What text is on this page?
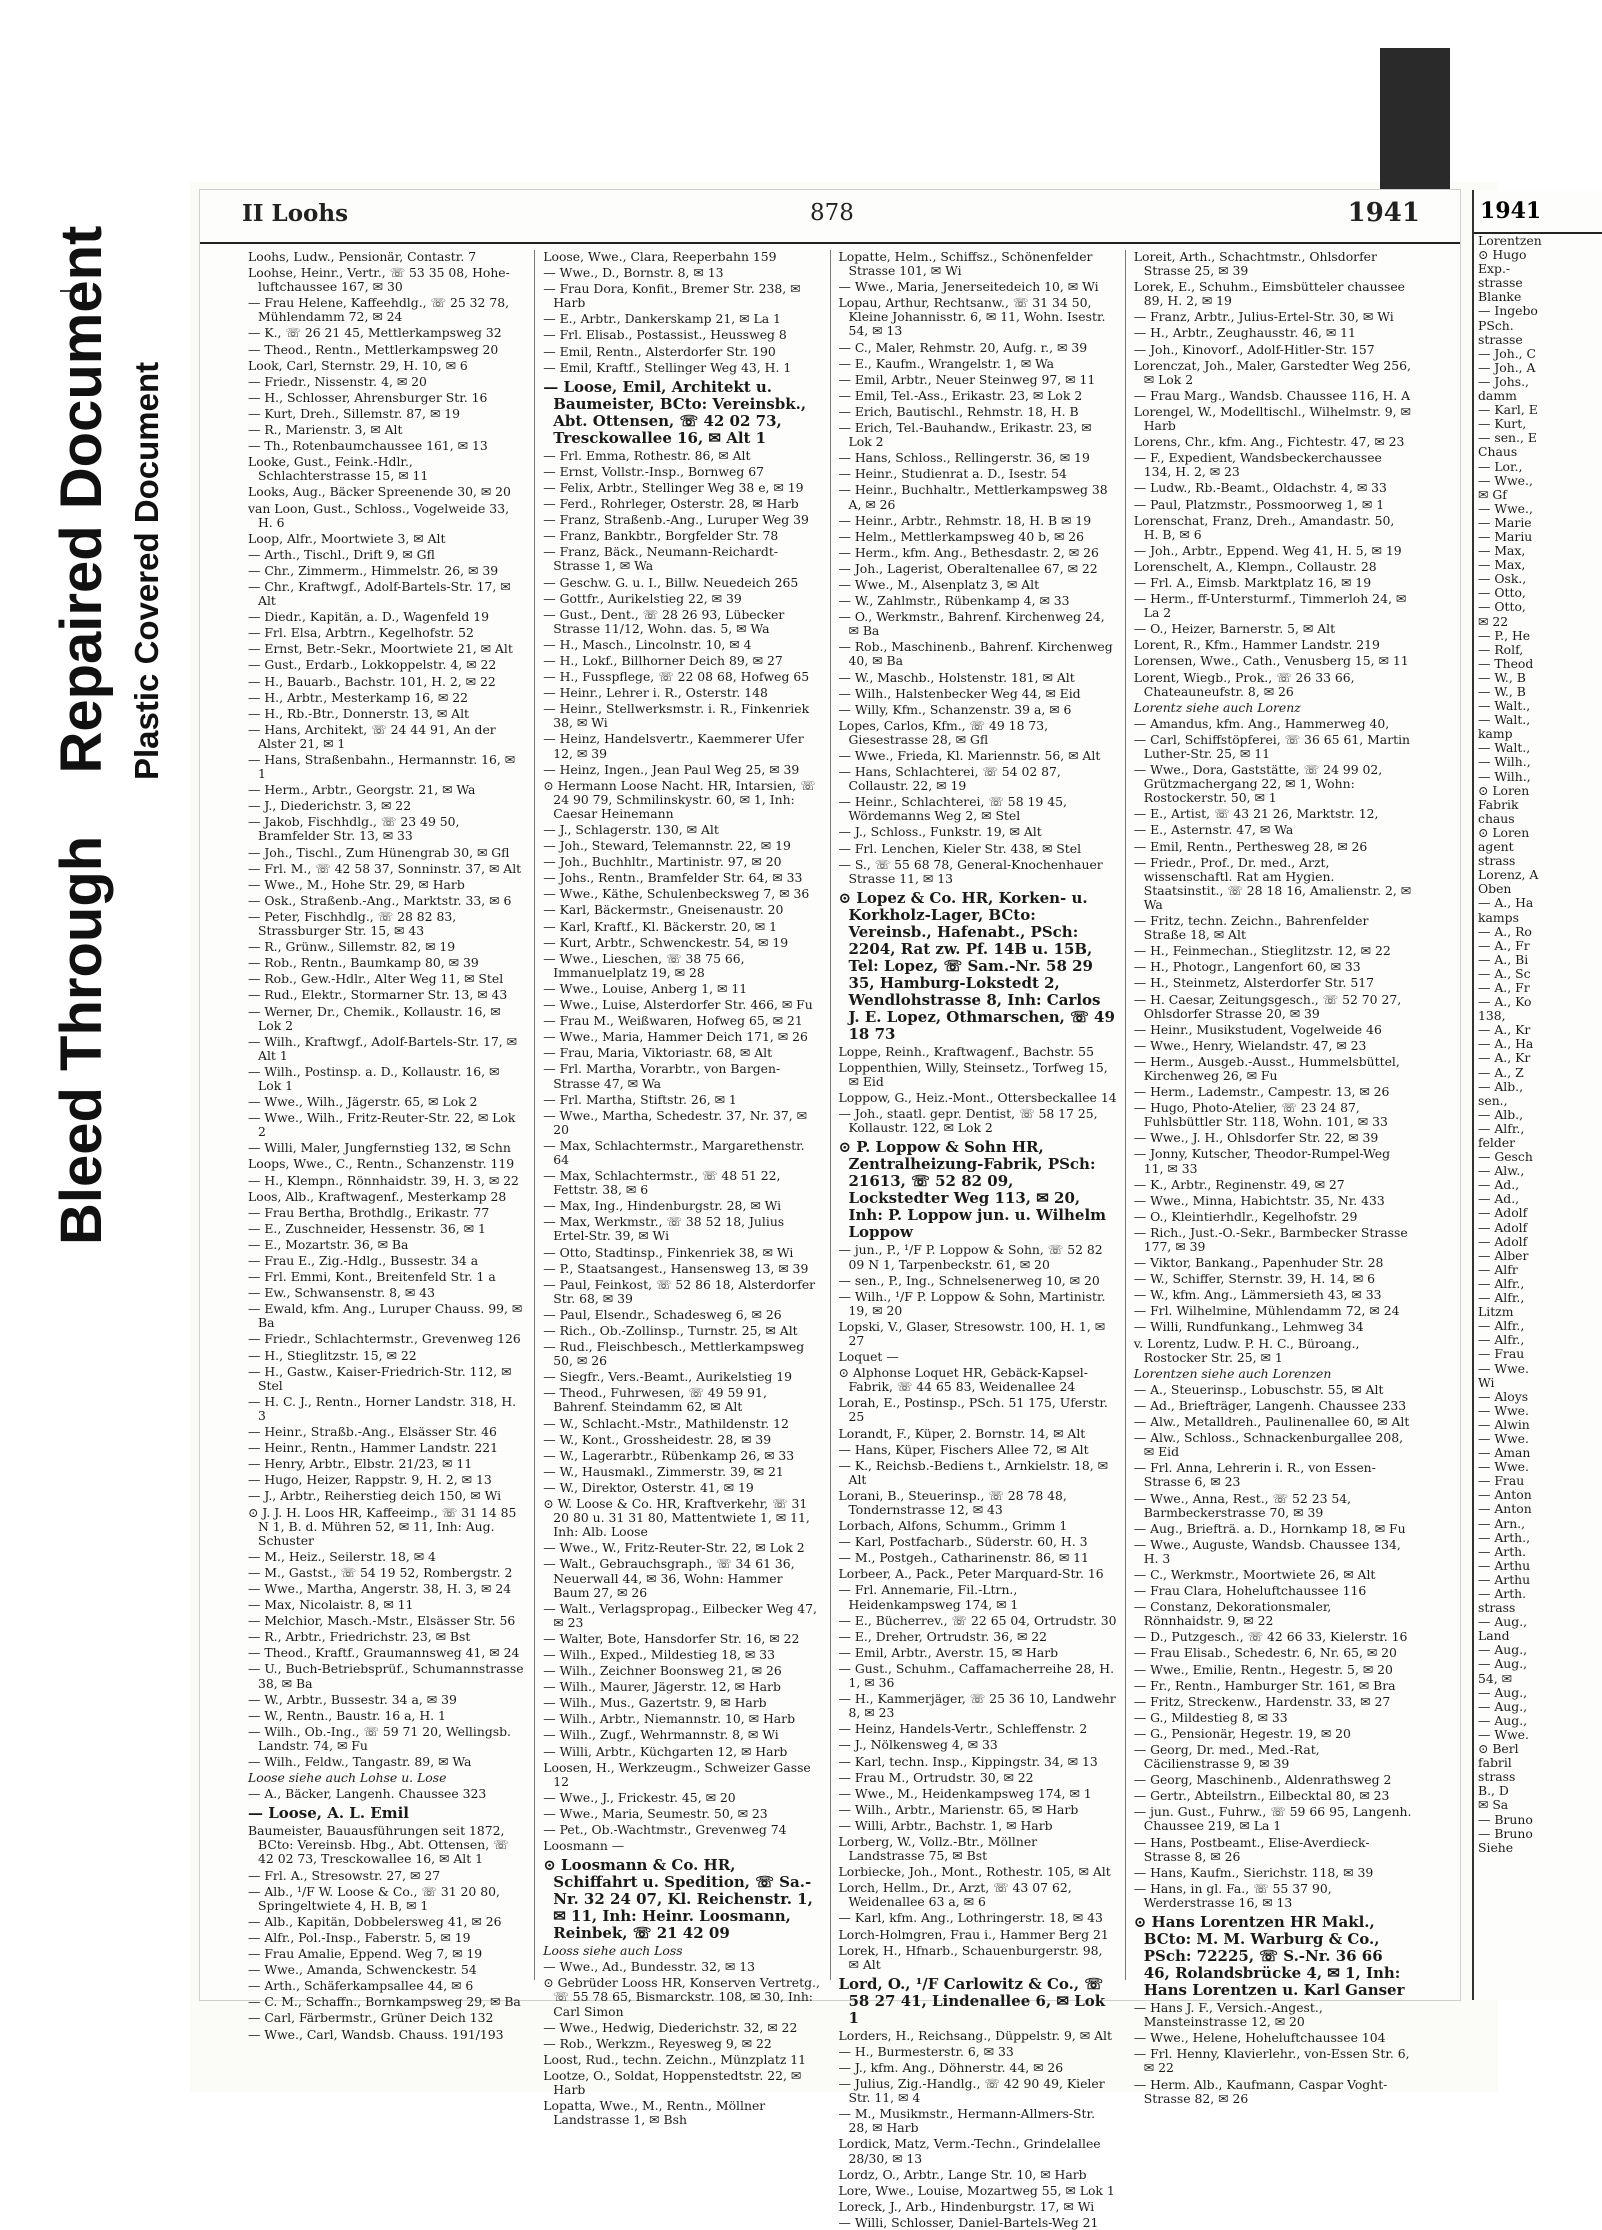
Bleed Through  Repaired Document Plastic Covered Document
II Loohs	878	1941

Loohs, Ludw., Pensionär, Contastr. 7

Loohse, Heinr., Vertr., ☏ 53 35 08, Hohe-luftchaussee 167, ✉ 30

— Frau Helene, Kaffeehdlg., ☏ 25 32 78, Mühlendamm 72, ✉ 24

— K., ☏ 26 21 45, Mettlerkampsweg 32

— Theod., Rentn., Mettlerkampsweg 20

Look, Carl, Sternstr. 29, H. 10, ✉ 6

— Friedr., Nissenstr. 4, ✉ 20

— H., Schlosser, Ahrensburger Str. 16

— Kurt, Dreh., Sillemstr. 87, ✉ 19

— R., Marienstr. 3, ✉ Alt

— Th., Rotenbaumchaussee 161, ✉ 13

Looke, Gust., Feink.-Hdlr., Schlachterstrasse 15, ✉ 11

Looks, Aug., Bäcker Spreenende 30, ✉ 20

van Loon, Gust., Schloss., Vogelweide 33, H. 6

Loop, Alfr., Moortwiete 3, ✉ Alt

— Arth., Tischl., Drift 9, ✉ Gfl

— Chr., Zimmerm., Himmelstr. 26, ✉ 39

— Chr., Kraftwgf., Adolf-Bartels-Str. 17, ✉ Alt

— Diedr., Kapitän, a. D., Wagenfeld 19

— Frl. Elsa, Arbtrn., Kegelhofstr. 52

— Ernst, Betr.-Sekr., Moortwiete 21, ✉ Alt

— Gust., Erdarb., Lokkoppelstr. 4, ✉ 22

— H., Bauarb., Bachstr. 101, H. 2, ✉ 22

— H., Arbtr., Mesterkamp 16, ✉ 22

— H., Rb.-Btr., Donnerstr. 13, ✉ Alt

— Hans, Architekt, ☏ 24 44 91, An der Alster 21, ✉ 1

— Hans, Straßenbahn., Hermannstr. 16, ✉ 1

— Herm., Arbtr., Georgstr. 21, ✉ Wa

— J., Diederichstr. 3, ✉ 22

— Jakob, Fischhdlg., ☏ 23 49 50, Bramfelder Str. 13, ✉ 33

— Joh., Tischl., Zum Hünengrab 30, ✉ Gfl

— Frl. M., ☏ 42 58 37, Sonninstr. 37, ✉ Alt

— Wwe., M., Hohe Str. 29, ✉ Harb

— Osk., Straßenb.-Ang., Marktstr. 33, ✉ 6

— Peter, Fischhdlg., ☏ 28 82 83, Strassburger Str. 15, ✉ 43

— R., Grünw., Sillemstr. 82, ✉ 19

— Rob., Rentn., Baumkamp 80, ✉ 39

— Rob., Gew.-Hdlr., Alter Weg 11, ✉ Stel

— Rud., Elektr., Stormarner Str. 13, ✉ 43

— Werner, Dr., Chemik., Kollaustr. 16, ✉ Lok 2

— Wilh., Kraftwgf., Adolf-Bartels-Str. 17, ✉ Alt 1

— Wilh., Postinsp. a. D., Kollaustr. 16, ✉ Lok 1

— Wwe., Wilh., Jägerstr. 65, ✉ Lok 2

— Wwe., Wilh., Fritz-Reuter-Str. 22, ✉ Lok 2

— Willi, Maler, Jungfernstieg 132, ✉ Schn

Loops, Wwe., C., Rentn., Schanzenstr. 119

— H., Klempn., Rönnhaidstr. 39, H. 3, ✉ 22

Loos, Alb., Kraftwagenf., Mesterkamp 28

— Frau Bertha, Brothdlg., Erikastr. 77

— E., Zuschneider, Hessenstr. 36, ✉ 1

— E., Mozartstr. 36, ✉ Ba

— Frau E., Zig.-Hdlg., Bussestr. 34 a

— Frl. Emmi, Kont., Breitenfeld Str. 1 a

— Ew., Schwansenstr. 8, ✉ 43

— Ewald, kfm. Ang., Luruper Chauss. 99, ✉ Ba

— Friedr., Schlachtermstr., Grevenweg 126

— H., Stieglitzstr. 15, ✉ 22

— H., Gastw., Kaiser-Friedrich-Str. 112, ✉ Stel

— H. C. J., Rentn., Horner Landstr. 318, H. 3

— Heinr., Straßb.-Ang., Elsässer Str. 46

— Heinr., Rentn., Hammer Landstr. 221

— Henry, Arbtr., Elbstr. 21/23, ✉ 11

— Hugo, Heizer, Rappstr. 9, H. 2, ✉ 13

— J., Arbtr., Reiherstieg deich 150, ✉ Wi

⊙ J. J. H. Loos HR, Kaffeeimp., ☏ 31 14 85 N 1, B. d. Mühren 52, ✉ 11, Inh: Aug. Schuster

— M., Heiz., Seilerstr. 18, ✉ 4

— M., Gastst., ☏ 54 19 52, Rombergstr. 2

— Wwe., Martha, Angerstr. 38, H. 3, ✉ 24

— Max, Nicolaistr. 8, ✉ 11

— Melchior, Masch.-Mstr., Elsässer Str. 56

— R., Arbtr., Friedrichstr. 23, ✉ Bst

— Theod., Kraftf., Graumannsweg 41, ✉ 24

— U., Buch-Betriebsprüf., Schumannstrasse 38, ✉ Ba

— W., Arbtr., Bussestr. 34 a, ✉ 39

— W., Rentn., Baustr. 16 a, H. 1

— Wilh., Ob.-Ing., ☏ 59 71 20, Wellingsb. Landstr. 74, ✉ Fu

— Wilh., Feldw., Tangastr. 89, ✉ Wa

Loose siehe auch Lohse u. Lose

— A., Bäcker, Langenh. Chaussee 323

— Loose, A. L. Emil

Baumeister, Bauausführungen seit 1872, BCto: Vereinsb. Hbg., Abt. Ottensen, ☏ 42 02 73, Tresckowallee 16, ✉ Alt 1

— Frl. A., Stresowstr. 27, ✉ 27

— Alb., ¹/F W. Loose & Co., ☏ 31 20 80, Springeltwiete 4, H. B, ✉ 1

— Alb., Kapitän, Dobbelersweg 41, ✉ 26

— Alfr., Pol.-Insp., Faberstr. 5, ✉ 19

— Frau Amalie, Eppend. Weg 7, ✉ 19

— Wwe., Amanda, Schwenckestr. 54

— Arth., Schäferkampsallee 44, ✉ 6

— C. M., Schaffn., Bornkampsweg 29, ✉ Ba

— Carl, Färbermstr., Grüner Deich 132

— Wwe., Carl, Wandsb. Chauss. 191/193

Loose, Wwe., Clara, Reeperbahn 159

— Wwe., D., Bornstr. 8, ✉ 13

— Frau Dora, Konfit., Bremer Str. 238, ✉ Harb

— E., Arbtr., Dankerskamp 21, ✉ La 1

— Frl. Elisab., Postassist., Heussweg 8

— Emil, Rentn., Alsterdorfer Str. 190

— Emil, Kraftf., Stellinger Weg 43, H. 1

— Loose, Emil, Architekt u. Baumeister, BCto: Vereinsbk., Abt. Ottensen, ☏ 42 02 73, Tresckowallee 16, ✉ Alt 1

— Frl. Emma, Rothestr. 86, ✉ Alt

— Ernst, Vollstr.-Insp., Bornweg 67

— Felix, Arbtr., Stellinger Weg 38 e, ✉ 19

— Ferd., Rohrleger, Osterstr. 28, ✉ Harb

— Franz, Straßenb.-Ang., Luruper Weg 39

— Franz, Bankbtr., Borgfelder Str. 78

— Franz, Bäck., Neumann-Reichardt-Strasse 1, ✉ Wa

— Geschw. G. u. I., Billw. Neuedeich 265

— Gottfr., Aurikelstieg 22, ✉ 39

— Gust., Dent., ☏ 28 26 93, Lübecker Strasse 11/12, Wohn. das. 5, ✉ Wa

— H., Masch., Lincolnstr. 10, ✉ 4

— H., Lokf., Billhorner Deich 89, ✉ 27

— H., Fusspflege, ☏ 22 08 68, Hofweg 65

— Heinr., Lehrer i. R., Osterstr. 148

— Heinr., Stellwerksmstr. i. R., Finkenriek 38, ✉ Wi

— Heinz, Handelsvertr., Kaemmerer Ufer 12, ✉ 39

— Heinz, Ingen., Jean Paul Weg 25, ✉ 39

⊙ Hermann Loose Nacht. HR, Intarsien, ☏ 24 90 79, Schmilinskystr. 60, ✉ 1, Inh: Caesar Heinemann

— J., Schlagerstr. 130, ✉ Alt

— Joh., Steward, Telemannstr. 22, ✉ 19

— Joh., Buchhltr., Martinistr. 97, ✉ 20

— Johs., Rentn., Bramfelder Str. 64, ✉ 33

— Wwe., Käthe, Schulenbecksweg 7, ✉ 36

— Karl, Bäckermstr., Gneisenaustr. 20

— Karl, Kraftf., Kl. Bäckerstr. 20, ✉ 1

— Kurt, Arbtr., Schwenckestr. 54, ✉ 19

— Wwe., Lieschen, ☏ 38 75 66, Immanuelplatz 19, ✉ 28

— Wwe., Louise, Anberg 1, ✉ 11

— Wwe., Luise, Alsterdorfer Str. 466, ✉ Fu

— Frau M., Weißwaren, Hofweg 65, ✉ 21

— Wwe., Maria, Hammer Deich 171, ✉ 26

— Frau, Maria, Viktoriastr. 68, ✉ Alt

— Frl. Martha, Vorarbtr., von Bargen-Strasse 47, ✉ Wa

— Frl. Martha, Stiftstr. 26, ✉ 1

— Wwe., Martha, Schedestr. 37, Nr. 37, ✉ 20

— Max, Schlachtermstr., Margarethenstr. 64

— Max, Schlachtermstr., ☏ 48 51 22, Fettstr. 38, ✉ 6

— Max, Ing., Hindenburgstr. 28, ✉ Wi

— Max, Werkmstr., ☏ 38 52 18, Julius Ertel-Str. 39, ✉ Wi

— Otto, Stadtinsp., Finkenriek 38, ✉ Wi

— P., Staatsangest., Hansensweg 13, ✉ 39

— Paul, Feinkost, ☏ 52 86 18, Alsterdorfer Str. 68, ✉ 39

— Paul, Elsendr., Schadesweg 6, ✉ 26

— Rich., Ob.-Zollinsp., Turnstr. 25, ✉ Alt

— Rud., Fleischbesch., Mettlerkampsweg 50, ✉ 26

— Siegfr., Vers.-Beamt., Aurikelstieg 19

— Theod., Fuhrwesen, ☏ 49 59 91, Bahrenf. Steindamm 62, ✉ Alt

— W., Schlacht.-Mstr., Mathildenstr. 12

— W., Kont., Grossheidestr. 28, ✉ 39

— W., Lagerarbtr., Rübenkamp 26, ✉ 33

— W., Hausmakl., Zimmerstr. 39, ✉ 21

— W., Direktor, Osterstr. 41, ✉ 19

⊙ W. Loose & Co. HR, Kraftverkehr, ☏ 31 20 80 u. 31 31 80, Mattentwiete 1, ✉ 11, Inh: Alb. Loose

— Wwe., W., Fritz-Reuter-Str. 22, ✉ Lok 2

— Walt., Gebrauchsgraph., ☏ 34 61 36, Neuerwall 44, ✉ 36, Wohn: Hammer Baum 27, ✉ 26

— Walt., Verlagspropag., Eilbecker Weg 47, ✉ 23

— Walter, Bote, Hansdorfer Str. 16, ✉ 22

— Wilh., Exped., Mildestieg 18, ✉ 33

— Wilh., Zeichner Boonsweg 21, ✉ 26

— Wilh., Maurer, Jägerstr. 12, ✉ Harb

— Wilh., Mus., Gazertstr. 9, ✉ Harb

— Wilh., Arbtr., Niemannstr. 10, ✉ Harb

— Wilh., Zugf., Wehrmannstr. 8, ✉ Wi

— Willi, Arbtr., Küchgarten 12, ✉ Harb

Loosen, H., Werkzeugm., Schweizer Gasse 12

— Wwe., J., Frickestr. 45, ✉ 20

— Wwe., Maria, Seumestr. 50, ✉ 23

— Pet., Ob.-Wachtmstr., Grevenweg 74

Loosmann —

⊙ Loosmann & Co. HR, Schiffahrt u. Spedition, ☏ Sa.-Nr. 32 24 07, Kl. Reichenstr. 1, ✉ 11, Inh: Heinr. Loosmann, Reinbek, ☏ 21 42 09

Looss siehe auch Loss

— Wwe., Ad., Bundesstr. 32, ✉ 13

⊙ Gebrüder Looss HR, Konserven Vertretg., ☏ 55 78 65, Bismarckstr. 108, ✉ 30, Inh: Carl Simon

— Wwe., Hedwig, Diederichstr. 32, ✉ 22

— Rob., Werkzm., Reyesweg 9, ✉ 22

Loost, Rud., techn. Zeichn., Münzplatz 11

Lootze, O., Soldat, Hoppenstedtstr. 22, ✉ Harb

Lopatta, Wwe., M., Rentn., Möllner Landstrasse 1, ✉ Bsh

Lopatte, Helm., Schiffsz., Schönenfelder Strasse 101, ✉ Wi

— Wwe., Maria, Jenerseitedeich 10, ✉ Wi

Lopau, Arthur, Rechtsanw., ☏ 31 34 50, Kleine Johannisstr. 6, ✉ 11, Wohn. Isestr. 54, ✉ 13

— C., Maler, Rehmstr. 20, Aufg. r., ✉ 39

— E., Kaufm., Wrangelstr. 1, ✉ Wa

— Emil, Arbtr., Neuer Steinweg 97, ✉ 11

— Emil, Tel.-Ass., Erikastr. 23, ✉ Lok 2

— Erich, Bautischl., Rehmstr. 18, H. B

— Erich, Tel.-Bauhandw., Erikastr. 23, ✉ Lok 2

— Hans, Schloss., Rellingerstr. 36, ✉ 19

— Heinr., Studienrat a. D., Isestr. 54

— Heinr., Buchhaltr., Mettlerkampsweg 38 A, ✉ 26

— Heinr., Arbtr., Rehmstr. 18, H. B ✉ 19

— Helm., Mettlerkampsweg 40 b, ✉ 26

— Herm., kfm. Ang., Bethesdastr. 2, ✉ 26

— Joh., Lagerist, Oberaltenallee 67, ✉ 22

— Wwe., M., Alsenplatz 3, ✉ Alt

— W., Zahlmstr., Rübenkamp 4, ✉ 33

— O., Werkmstr., Bahrenf. Kirchenweg 24, ✉ Ba

— Rob., Maschinenb., Bahrenf. Kirchenweg 40, ✉ Ba

— W., Maschb., Holstenstr. 181, ✉ Alt

— Wilh., Halstenbecker Weg 44, ✉ Eid

— Willy, Kfm., Schanzenstr. 39 a, ✉ 6

Lopes, Carlos, Kfm., ☏ 49 18 73, Giesestrasse 28, ✉ Gfl

— Wwe., Frieda, Kl. Mariennstr. 56, ✉ Alt

— Hans, Schlachterei, ☏ 54 02 87, Collaustr. 22, ✉ 19

— Heinr., Schlachterei, ☏ 58 19 45, Wördemanns Weg 2, ✉ Stel

— J., Schloss., Funkstr. 19, ✉ Alt

— Frl. Lenchen, Kieler Str. 438, ✉ Stel

— S., ☏ 55 68 78, General-Knochenhauer Strasse 11, ✉ 13

⊙ Lopez & Co. HR, Korken- u. Korkholz-Lager, BCto: Vereinsb., Hafenabt., PSch: 2204, Rat zw. Pf. 14B u. 15B, Tel: Lopez, ☏ Sam.-Nr. 58 29 35, Hamburg-Lokstedt 2, Wendlohstrasse 8, Inh: Carlos J. E. Lopez, Othmarschen, ☏ 49 18 73

Loppe, Reinh., Kraftwagenf., Bachstr. 55

Loppenthien, Willy, Steinsetz., Torfweg 15, ✉ Eid

Loppow, G., Heiz.-Mont., Ottersbeckallee 14

— Joh., staatl. gepr. Dentist, ☏ 58 17 25, Kollaustr. 122, ✉ Lok 2

⊙ P. Loppow & Sohn HR, Zentralheizung-Fabrik, PSch: 21613, ☏ 52 82 09, Lockstedter Weg 113, ✉ 20, Inh: P. Loppow jun. u. Wilhelm Loppow

— jun., P., ¹/F P. Loppow & Sohn, ☏ 52 82 09 N 1, Tarpenbeckstr. 61, ✉ 20

— sen., P., Ing., Schnelsenerweg 10, ✉ 20

— Wilh., ¹/F P. Loppow & Sohn, Martinistr. 19, ✉ 20

Lopski, V., Glaser, Stresowstr. 100, H. 1, ✉ 27

Loquet —

⊙ Alphonse Loquet HR, Gebäck-Kapsel-Fabrik, ☏ 44 65 83, Weidenallee 24

Lorah, E., Postinsp., PSch. 51 175, Uferstr. 25

Lorandt, F., Küper, 2. Bornstr. 14, ✉ Alt

— Hans, Küper, Fischers Allee 72, ✉ Alt

— K., Reichsb.-Bediens t., Arnkielstr. 18, ✉ Alt

Lorani, B., Steuerinsp., ☏ 28 78 48, Tondernstrasse 12, ✉ 43

Lorbach, Alfons, Schumm., Grimm 1

— Karl, Postfacharb., Süderstr. 60, H. 3

— M., Postgeh., Catharinenstr. 86, ✉ 11

Lorbeer, A., Pack., Peter Marquard-Str. 16

— Frl. Annemarie, Fil.-Ltrn., Heidenkampsweg 174, ✉ 1

— E., Bücherrev., ☏ 22 65 04, Ortrudstr. 30

— E., Dreher, Ortrudstr. 36, ✉ 22

— Emil, Arbtr., Averstr. 15, ✉ Harb

— Gust., Schuhm., Caffamacherreihe 28, H. 1, ✉ 36

— H., Kammerjäger, ☏ 25 36 10, Landwehr 8, ✉ 23

— Heinz, Handels-Vertr., Schleffenstr. 2

— J., Nölkensweg 4, ✉ 33

— Karl, techn. Insp., Kippingstr. 34, ✉ 13

— Frau M., Ortrudstr. 30, ✉ 22

— Wwe., M., Heidenkampsweg 174, ✉ 1

— Wilh., Arbtr., Marienstr. 65, ✉ Harb

— Willi, Arbtr., Bachstr. 1, ✉ Harb

Lorberg, W., Vollz.-Btr., Möllner Landstrasse 75, ✉ Bst

Lorbiecke, Joh., Mont., Rothestr. 105, ✉ Alt

Lorch, Hellm., Dr., Arzt, ☏ 43 07 62, Weidenallee 63 a, ✉ 6

— Karl, kfm. Ang., Lothringerstr. 18, ✉ 43

Lorch-Holmgren, Frau i., Hammer Berg 21

Lorek, H., Hfnarb., Schauenburgerstr. 98, ✉ Alt

Lord, O., ¹/F Carlowitz & Co., ☏ 58 27 41, Lindenallee 6, ✉ Lok 1

Lorders, H., Reichsang., Düppelstr. 9, ✉ Alt

— H., Burmesterstr. 6, ✉ 33

— J., kfm. Ang., Döhnerstr. 44, ✉ 26

— Julius, Zig.-Handlg., ☏ 42 90 49, Kieler Str. 11, ✉ 4

— M., Musikmstr., Hermann-Allmers-Str. 28, ✉ Harb

Lordick, Matz, Verm.-Techn., Grindelallee 28/30, ✉ 13

Lordz, O., Arbtr., Lange Str. 10, ✉ Harb

Lore, Wwe., Louise, Mozartweg 55, ✉ Lok 1

Loreck, J., Arb., Hindenburgstr. 17, ✉ Wi

— Willi, Schlosser, Daniel-Bartels-Weg 21

Loreit, Arth., Schachtmstr., Ohlsdorfer Strasse 25, ✉ 39

Lorek, E., Schuhm., Eimsbütteler chaussee 89, H. 2, ✉ 19

— Franz, Arbtr., Julius-Ertel-Str. 30, ✉ Wi

— H., Arbtr., Zeughausstr. 46, ✉ 11

— Joh., Kinovorf., Adolf-Hitler-Str. 157

Lorenczat, Joh., Maler, Garstedter Weg 256, ✉ Lok 2

— Frau Marg., Wandsb. Chaussee 116, H. A

Lorengel, W., Modelltischl., Wilhelmstr. 9, ✉ Harb

Lorens, Chr., kfm. Ang., Fichtestr. 47, ✉ 23

— F., Expedient, Wandsbeckerchaussee 134, H. 2, ✉ 23

— Ludw., Rb.-Beamt., Oldachstr. 4, ✉ 33

— Paul, Platzmstr., Possmoorweg 1, ✉ 1

Lorenschat, Franz, Dreh., Amandastr. 50, H. B, ✉ 6

— Joh., Arbtr., Eppend. Weg 41, H. 5, ✉ 19

Lorenschelt, A., Klempn., Collaustr. 28

— Frl. A., Eimsb. Marktplatz 16, ✉ 19

— Herm., ff-Untersturmf., Timmerloh 24, ✉ La 2

— O., Heizer, Barnerstr. 5, ✉ Alt

Lorent, R., Kfm., Hammer Landstr. 219

Lorensen, Wwe., Cath., Venusberg 15, ✉ 11

Lorent, Wiegb., Prok., ☏ 26 33 66, Chateauneufstr. 8, ✉ 26

Lorentz siehe auch Lorenz

— Amandus, kfm. Ang., Hammerweg 40,

— Carl, Schiffstöpferei, ☏ 36 65 61, Martin Luther-Str. 25, ✉ 11

— Wwe., Dora, Gaststätte, ☏ 24 99 02, Grützmachergang 22, ✉ 1, Wohn: Rostockerstr. 50, ✉ 1

— E., Artist, ☏ 43 21 26, Marktstr. 12,

— E., Asternstr. 47, ✉ Wa

— Emil, Rentn., Perthesweg 28, ✉ 26

— Friedr., Prof., Dr. med., Arzt, wissenschaftl. Rat am Hygien. Staatsinstit., ☏ 28 18 16, Amalienstr. 2, ✉ Wa

— Fritz, techn. Zeichn., Bahrenfelder Straße 18, ✉ Alt

— H., Feinmechan., Stieglitzstr. 12, ✉ 22

— H., Photogr., Langenfort 60, ✉ 33

— H., Steinmetz, Alsterdorfer Str. 517

— H. Caesar, Zeitungsgesch., ☏ 52 70 27, Ohlsdorfer Strasse 20, ✉ 39

— Heinr., Musikstudent, Vogelweide 46

— Wwe., Henry, Wielandstr. 47, ✉ 23

— Herm., Ausgeb.-Ausst., Hummelsbüttel, Kirchenweg 26, ✉ Fu

— Herm., Lademstr., Campestr. 13, ✉ 26

— Hugo, Photo-Atelier, ☏ 23 24 87, Fuhlsbüttler Str. 118, Wohn. 101, ✉ 33

— Wwe., J. H., Ohlsdorfer Str. 22, ✉ 39

— Jonny, Kutscher, Theodor-Rumpel-Weg 11, ✉ 33

— K., Arbtr., Reginenstr. 49, ✉ 27

— Wwe., Minna, Habichtstr. 35, Nr. 433

— O., Kleintierhdlr., Kegelhofstr. 29

— Rich., Just.-O.-Sekr., Barmbecker Strasse 177, ✉ 39

— Viktor, Bankang., Papenhuder Str. 28

— W., Schiffer, Sternstr. 39, H. 14, ✉ 6

— W., kfm. Ang., Lämmersieth 43, ✉ 33

— Frl. Wilhelmine, Mühlendamm 72, ✉ 24

— Willi, Rundfunkang., Lehmweg 34

v. Lorentz, Ludw. P. H. C., Büroang., Rostocker Str. 25, ✉ 1

Lorentzen siehe auch Lorenzen

— A., Steuerinsp., Lobuschstr. 55, ✉ Alt

— Ad., Briefträger, Langenh. Chaussee 233

— Alw., Metalldreh., Paulinenallee 60, ✉ Alt

— Alw., Schloss., Schnackenburgallee 208, ✉ Eid

— Frl. Anna, Lehrerin i. R., von Essen-Strasse 6, ✉ 23

— Wwe., Anna, Rest., ☏ 52 23 54, Barmbeckerstrasse 70, ✉ 39

— Aug., Briefträ. a. D., Hornkamp 18, ✉ Fu

— Wwe., Auguste, Wandsb. Chaussee 134, H. 3

— C., Werkmstr., Moortwiete 26, ✉ Alt

— Frau Clara, Hoheluftchaussee 116

— Constanz, Dekorationsmaler, Rönnhaidstr. 9, ✉ 22

— D., Putzgesch., ☏ 42 66 33, Kielerstr. 16

— Frau Elisab., Schedestr. 6, Nr. 65, ✉ 20

— Wwe., Emilie, Rentn., Hegestr. 5, ✉ 20

— Fr., Rentn., Hamburger Str. 161, ✉ Bra

— Fritz, Streckenw., Hardenstr. 33, ✉ 27

— G., Mildestieg 8, ✉ 33

— G., Pensionär, Hegestr. 19, ✉ 20

— Georg, Dr. med., Med.-Rat, Cäcilienstrasse 9, ✉ 39

— Georg, Maschinenb., Aldenrathsweg 2

— Gertr., Abteilstrn., Eilbecktal 80, ✉ 23

— jun. Gust., Fuhrw., ☏ 59 66 95, Langenh. Chaussee 219, ✉ La 1

— Hans, Postbeamt., Elise-Averdieck-Strasse 8, ✉ 26

— Hans, Kaufm., Sierichstr. 118, ✉ 39

— Hans, in gl. Fa., ☏ 55 37 90, Werderstrasse 16, ✉ 13

⊙ Hans Lorentzen HR Makl., BCto: M. M. Warburg & Co., PSch: 72225, ☏ S.-Nr. 36 66 46, Rolandsbrücke 4, ✉ 1, Inh: Hans Lorentzen u. Karl Ganser

— Hans J. F., Versich.-Angest., Mansteinstrasse 12, ✉ 20

— Wwe., Helene, Hoheluftchaussee 104

— Frl. Henny, Klavierlehr., von-Essen Str. 6, ✉ 22

— Herm. Alb., Kaufmann, Caspar Voght-Strasse 82, ✉ 26

1941
Lorentzen
⊙ Hugo
Exp.-
strasse
Blanke
— Ingebo
PSch.
strasse
— Joh., C
— Joh., A
— Johs.,
damm
— Karl, E
— Kurt,
— sen., E
Chaus
— Lor.,
— Wwe.,
✉ Gf
— Wwe.,
— Marie
— Mariu
— Max,
— Max,
— Osk.,
— Otto,
— Otto,
✉ 22
— P., He
— Rolf,
— Theod
— W., B
— W., B
— Walt.,
— Walt.,
kamp
— Walt.,
— Wilh.,
— Wilh.,
⊙ Loren
Fabrik
chaus
⊙ Loren
agent
strass
Lorenz, A
Oben
— A., Ha
kamps
— A., Ro
— A., Fr
— A., Bi
— A., Sc
— A., Fr
— A., Ko
138,
— A., Kr
— A., Ha
— A., Kr
— A., Z
— Alb.,
sen.,
— Alb.,
— Alfr.,
felder
— Gesch
— Alw.,
— Ad.,
— Ad.,
— Adolf
— Adolf
— Adolf
— Alber
— Alfr
— Alfr.,
— Alfr.,
Litzm
— Alfr.,
— Alfr.,
— Frau
— Wwe.
Wi
— Aloys
— Wwe.
— Alwin
— Wwe.
— Aman
— Wwe.
— Frau
— Anton
— Anton
— Arn.,
— Arth.,
— Arth.
— Arthu
— Arthu
— Arth.
strass
— Aug.,
Land
— Aug.,
— Aug.,
54, ✉
— Aug.,
— Aug.,
— Aug.,
— Wwe.
⊙ Berl
fabril
strass
B., D
✉ Sa
— Bruno
— Bruno
Siehe
